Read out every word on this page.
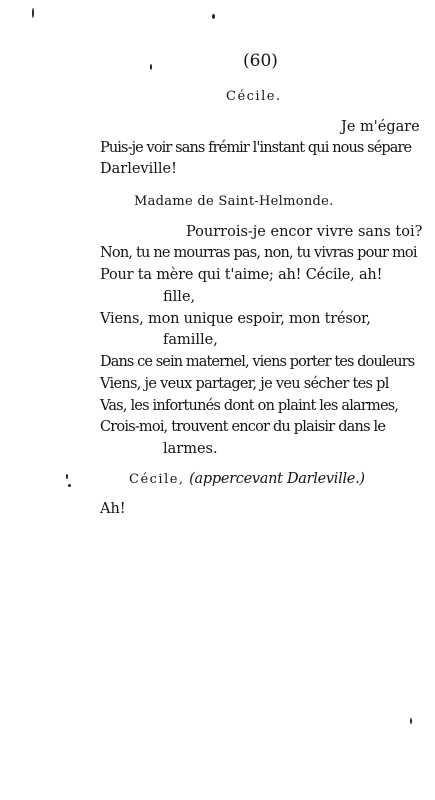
(60)
Cécile.
Je m'égare
Puis-je voir sans frémir l'instant qui nous sépare
Darleville!
Madame de Saint-Helmonde.
Pourrois-je encor vivre sans toi?
Non, tu ne mourras pas, non, tu vivras pour moi
Pour ta mère qui t'aime; ah! Cécile, ah!
fille,
Viens, mon unique espoir, mon trésor,
famille,
Dans ce sein maternel, viens porter tes douleurs
Viens, je veux partager, je veu sécher tes pl
Vas, les infortunés dont on plaint les alarmes,
Crois-moi, trouvent encor du plaisir dans le
larmes.
Cécile, (appercevant Darleville.)
Ah!
